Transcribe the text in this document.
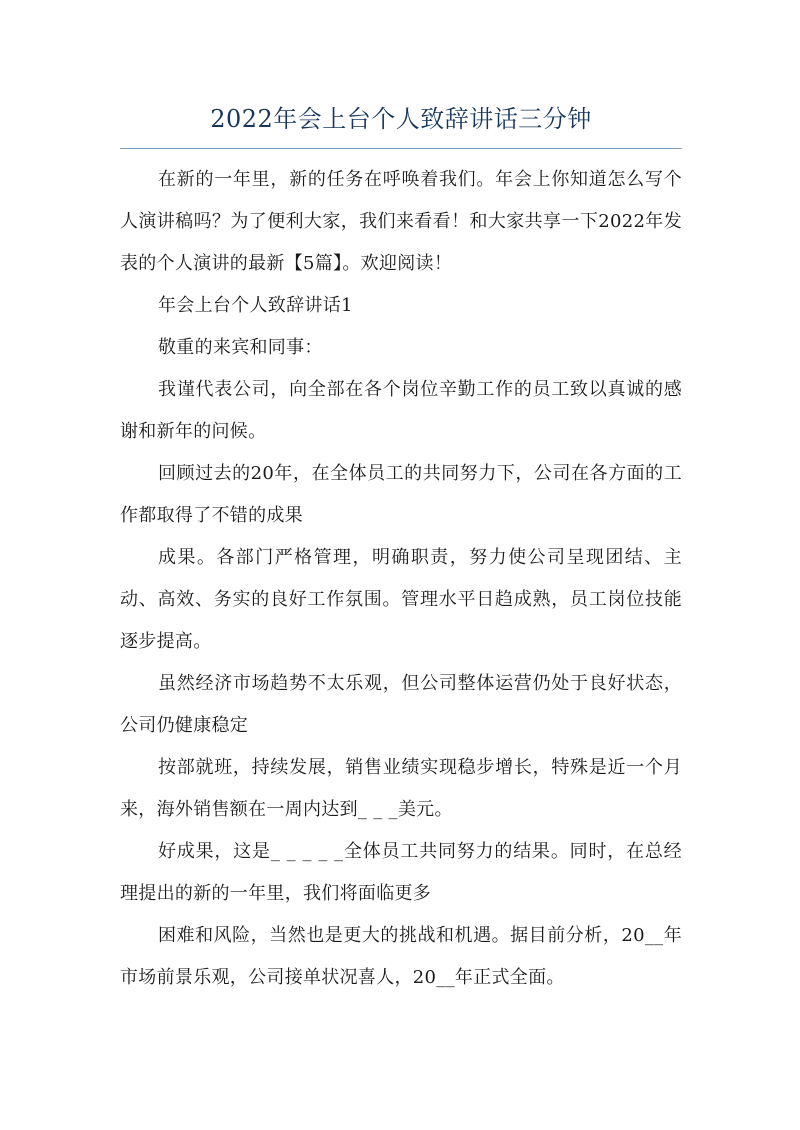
2022年会上台个人致辞讲话三分钟

在新的一年里，新的任务在呼唤着我们。年会上你知道怎么写个人演讲稿吗？为了便利大家，我们来看看！和大家共享一下2022年发表的个人演讲的最新【5篇】。欢迎阅读！

年会上台个人致辞讲话1

敬重的来宾和同事：

我谨代表公司，向全部在各个岗位辛勤工作的员工致以真诚的感谢和新年的问候。

回顾过去的20年，在全体员工的共同努力下，公司在各方面的工作都取得了不错的成果

成果。各部门严格管理，明确职责，努力使公司呈现团结、主动、高效、务实的良好工作氛围。管理水平日趋成熟，员工岗位技能逐步提高。

虽然经济市场趋势不太乐观，但公司整体运营仍处于良好状态，公司仍健康稳定

按部就班，持续发展，销售业绩实现稳步增长，特殊是近一个月来，海外销售额在一周内达到_ _ _美元。

好成果，这是_ _ _ _ _全体员工共同努力的结果。同时，在总经理提出的新的一年里，我们将面临更多

困难和风险，当然也是更大的挑战和机遇。据目前分析，20__年市场前景乐观，公司接单状况喜人，20__年正式全面。
